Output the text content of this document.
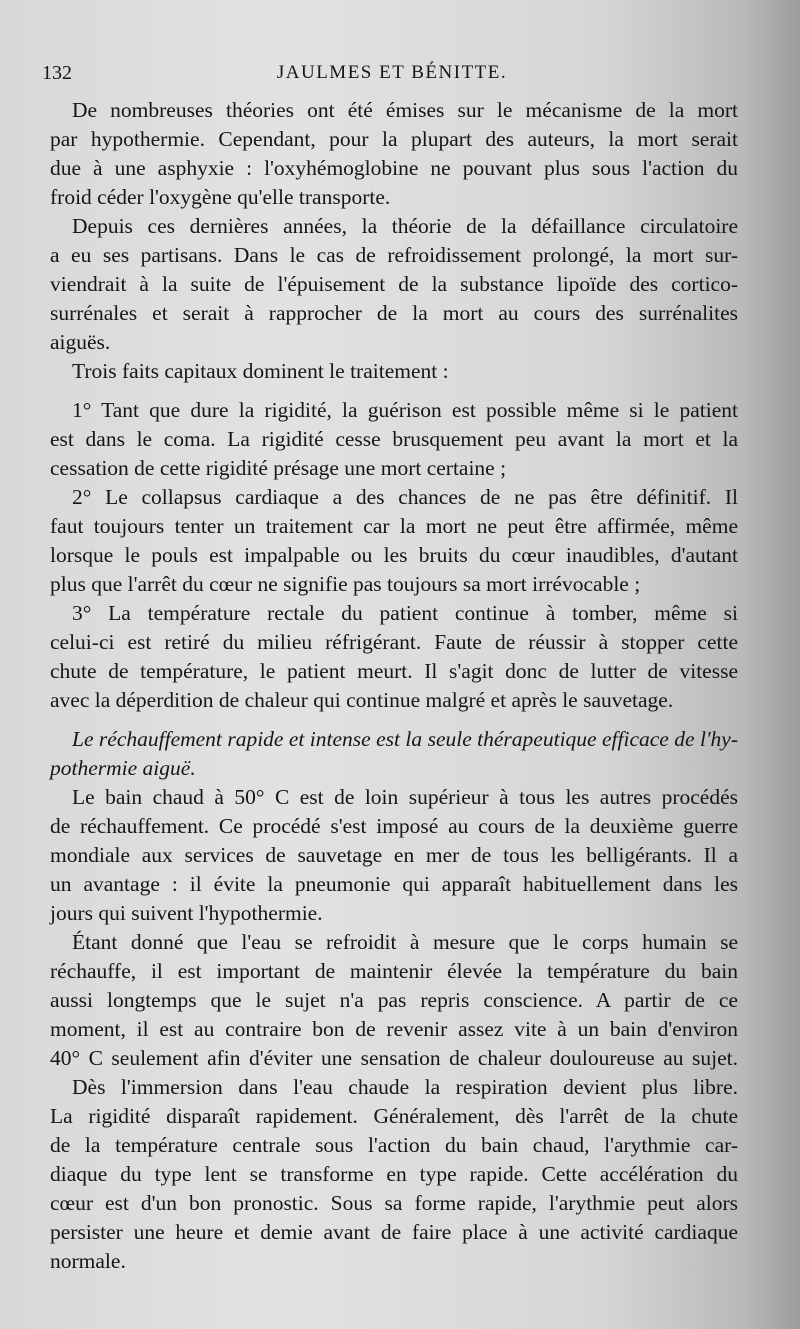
132	JAULMES ET BÉNITTE.
De nombreuses théories ont été émises sur le mécanisme de la mort
par hypothermie. Cependant, pour la plupart des auteurs, la mort serait
due à une asphyxie : l'oxyhémoglobine ne pouvant plus sous l'action du
froid céder l'oxygène qu'elle transporte.
Depuis ces dernières années, la théorie de la défaillance circulatoire
a eu ses partisans. Dans le cas de refroidissement prolongé, la mort sur-
viendrait à la suite de l'épuisement de la substance lipoïde des cortico-
surrénales et serait à rapprocher de la mort au cours des surrénalites
aiguës.
Trois faits capitaux dominent le traitement :
1° Tant que dure la rigidité, la guérison est possible même si le patient
est dans le coma. La rigidité cesse brusquement peu avant la mort et la
cessation de cette rigidité présage une mort certaine ;
2° Le collapsus cardiaque a des chances de ne pas être définitif. Il
faut toujours tenter un traitement car la mort ne peut être affirmée, même
lorsque le pouls est impalpable ou les bruits du cœur inaudibles, d'autant
plus que l'arrêt du cœur ne signifie pas toujours sa mort irrévocable ;
3° La température rectale du patient continue à tomber, même si
celui-ci est retiré du milieu réfrigérant. Faute de réussir à stopper cette
chute de température, le patient meurt. Il s'agit donc de lutter de vitesse
avec la déperdition de chaleur qui continue malgré et après le sauvetage.
Le réchauffement rapide et intense est la seule thérapeutique efficace de l'hy-
pothermie aiguë.
Le bain chaud à 50° C est de loin supérieur à tous les autres procédés
de réchauffement. Ce procédé s'est imposé au cours de la deuxième guerre
mondiale aux services de sauvetage en mer de tous les belligérants. Il a
un avantage : il évite la pneumonie qui apparaît habituellement dans les
jours qui suivent l'hypothermie.
Étant donné que l'eau se refroidit à mesure que le corps humain se
réchauffe, il est important de maintenir élevée la température du bain
aussi longtemps que le sujet n'a pas repris conscience. A partir de ce
moment, il est au contraire bon de revenir assez vite à un bain d'environ
40° C seulement afin d'éviter une sensation de chaleur douloureuse au sujet.
Dès l'immersion dans l'eau chaude la respiration devient plus libre.
La rigidité disparaît rapidement. Généralement, dès l'arrêt de la chute
de la température centrale sous l'action du bain chaud, l'arythmie car-
diaque du type lent se transforme en type rapide. Cette accélération du
cœur est d'un bon pronostic. Sous sa forme rapide, l'arythmie peut alors
persister une heure et demie avant de faire place à une activité cardiaque
normale.
